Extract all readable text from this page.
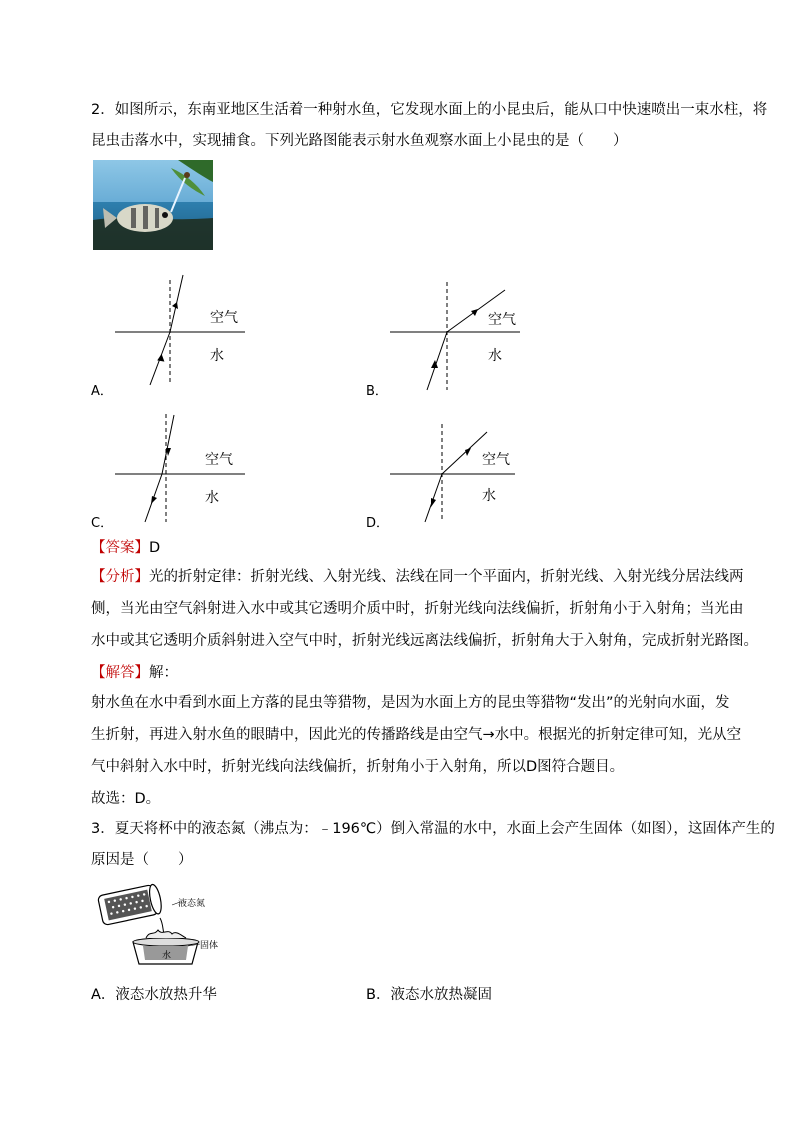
2．如图所示，东南亚地区生活着一种射水鱼，它发现水面上的小昆虫后，能从口中快速喷出一束水柱，将
昆虫击落水中，实现捕食。下列光路图能表示射水鱼观察水面上小昆虫的是（　　）
空气
水
A．
空气
水
B．
空气
水
C．
空气
水
D．
【答案】D
【分析】光的折射定律：折射光线、入射光线、法线在同一个平面内，折射光线、入射光线分居法线两
侧，当光由空气斜射进入水中或其它透明介质中时，折射光线向法线偏折，折射角小于入射角；当光由
水中或其它透明介质斜射进入空气中时，折射光线远离法线偏折，折射角大于入射角，完成折射光路图。
【解答】解：
射水鱼在水中看到水面上方落的昆虫等猎物，是因为水面上方的昆虫等猎物“发出”的光射向水面，发
生折射，再进入射水鱼的眼睛中，因此光的传播路线是由空气→水中。根据光的折射定律可知，光从空
气中斜射入水中时，折射光线向法线偏折，折射角小于入射角，所以D图符合题目。
故选：D。
3．夏天将杯中的液态氮（沸点为：﹣196℃）倒入常温的水中，水面上会产生固体（如图），这固体产生的
原因是（　　）
水
液态氮
固体
A．液态水放热升华	B．液态水放热凝固
